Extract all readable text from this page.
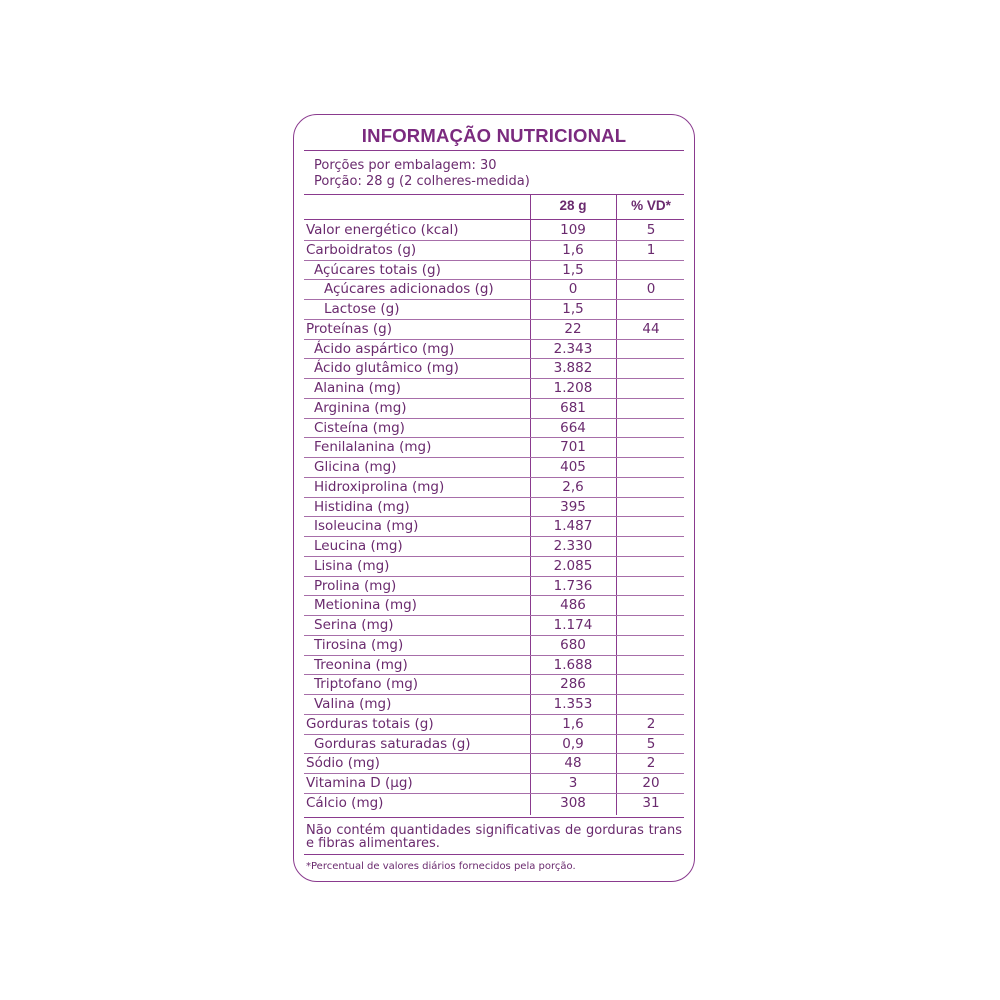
INFORMAÇÃO NUTRICIONAL
Porções por embalagem: 30
Porção: 28 g (2 colheres-medida)
28 g	% VD*
Valor energético (kcal)	109	5
Carboidratos (g)	1,6	1
Açúcares totais (g)	1,5
Açúcares adicionados (g)	0	0
Lactose (g)	1,5
Proteínas (g)	22	44
Ácido aspártico (mg)	2.343
Ácido glutâmico (mg)	3.882
Alanina (mg)	1.208
Arginina (mg)	681
Cisteína (mg)	664
Fenilalanina (mg)	701
Glicina (mg)	405
Hidroxiprolina (mg)	2,6
Histidina (mg)	395
Isoleucina (mg)	1.487
Leucina (mg)	2.330
Lisina (mg)	2.085
Prolina (mg)	1.736
Metionina (mg)	486
Serina (mg)	1.174
Tirosina (mg)	680
Treonina (mg)	1.688
Triptofano (mg)	286
Valina (mg)	1.353
Gorduras totais (g)	1,6	2
Gorduras saturadas (g)	0,9	5
Sódio (mg)	48	2
Vitamina D (µg)	3	20
Cálcio (mg)	308	31
Não contém quantidades significativas de gorduras trans e fibras alimentares.
*Percentual de valores diários fornecidos pela porção.
